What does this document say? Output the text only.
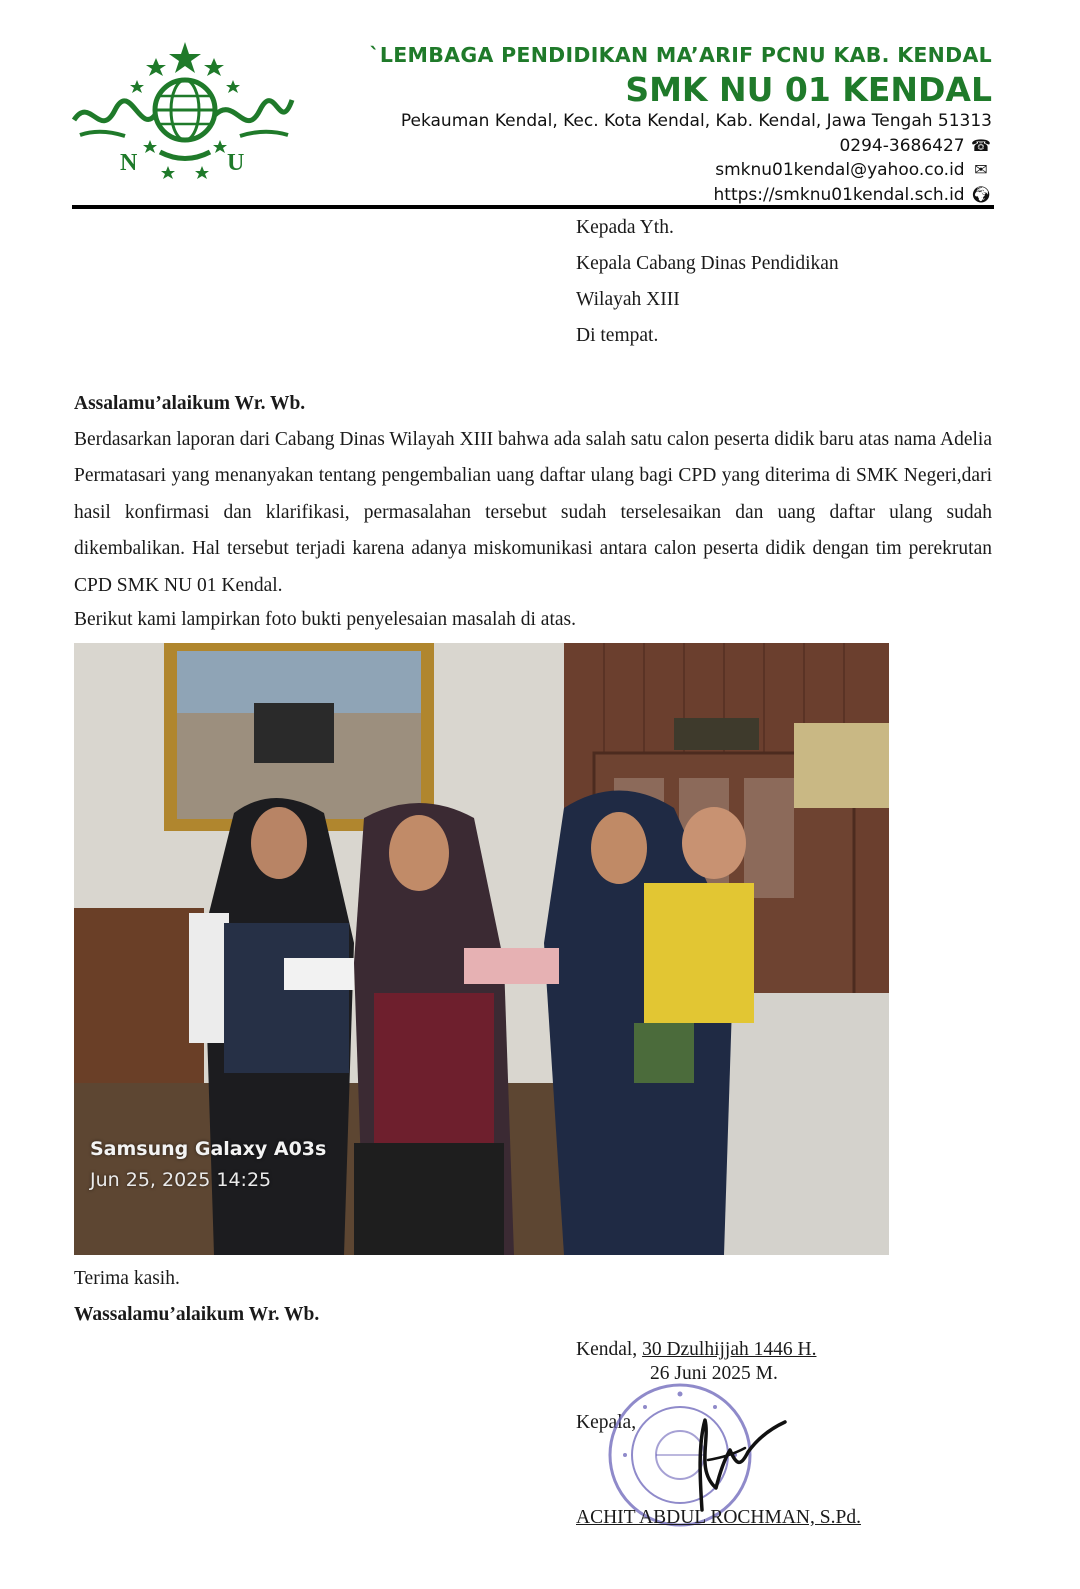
N	U
`LEMBAGA PENDIDIKAN MA’ARIF PCNU KAB. KENDAL
SMK NU 01 KENDAL
Pekauman Kendal, Kec. Kota Kendal, Kab. Kendal, Jawa Tengah 51313
0294-3686427 ☎
smknu01kendal@yahoo.co.id ✉
https://smknu01kendal.sch.id 🌍︎
Kepada Yth.
Kepala Cabang Dinas Pendidikan
Wilayah XIII
Di tempat.
Assalamu’alaikum Wr. Wb.
Berdasarkan laporan dari Cabang Dinas Wilayah XIII bahwa ada salah satu calon peserta didik baru atas nama Adelia Permatasari yang menanyakan tentang pengembalian uang daftar ulang bagi CPD yang diterima di SMK Negeri,dari hasil konfirmasi dan klarifikasi, permasalahan tersebut sudah terselesaikan dan uang daftar ulang sudah dikembalikan. Hal tersebut terjadi karena adanya miskomunikasi antara calon peserta didik dengan tim perekrutan CPD SMK NU 01 Kendal.
Berikut kami lampirkan foto bukti penyelesaian masalah di atas.
Samsung Galaxy A03s
Jun 25, 2025 14:25
Terima kasih.
Wassalamu’alaikum Wr. Wb.
Kendal, 30 Dzulhijjah 1446 H.
26 Juni 2025 M.
Kepala,
ACHIT ABDUL ROCHMAN, S.Pd.
